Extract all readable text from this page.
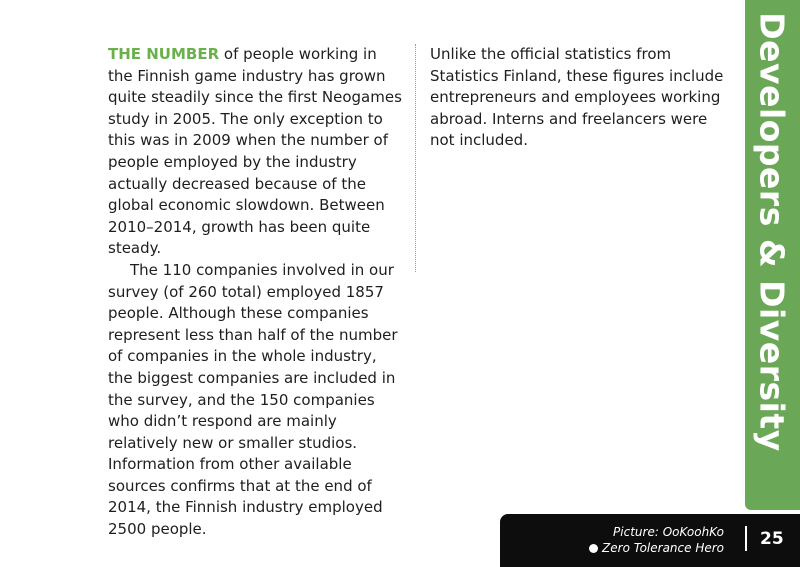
THE NUMBER of people working in the Finnish game industry has grown quite steadily since the first Neogames study in 2005. The only exception to this was in 2009 when the number of people employed by the industry actually decreased because of the global economic slowdown. Between 2010–2014, growth has been quite steady.

The 110 companies involved in our survey (of 260 total) employed 1857 people. Although these companies represent less than half of the number of companies in the whole industry, the biggest companies are included in the survey, and the 150 companies who didn’t respond are mainly relatively new or smaller studios. Information from other available sources confirms that at the end of 2014, the Finnish industry employed 2500 people.

Unlike the official statistics from Statistics Finland, these figures include entrepreneurs and employees working abroad. Interns and freelancers were not included.	Developers & Diversity
Picture: OoKoohKo
Zero Tolerance Hero 25
